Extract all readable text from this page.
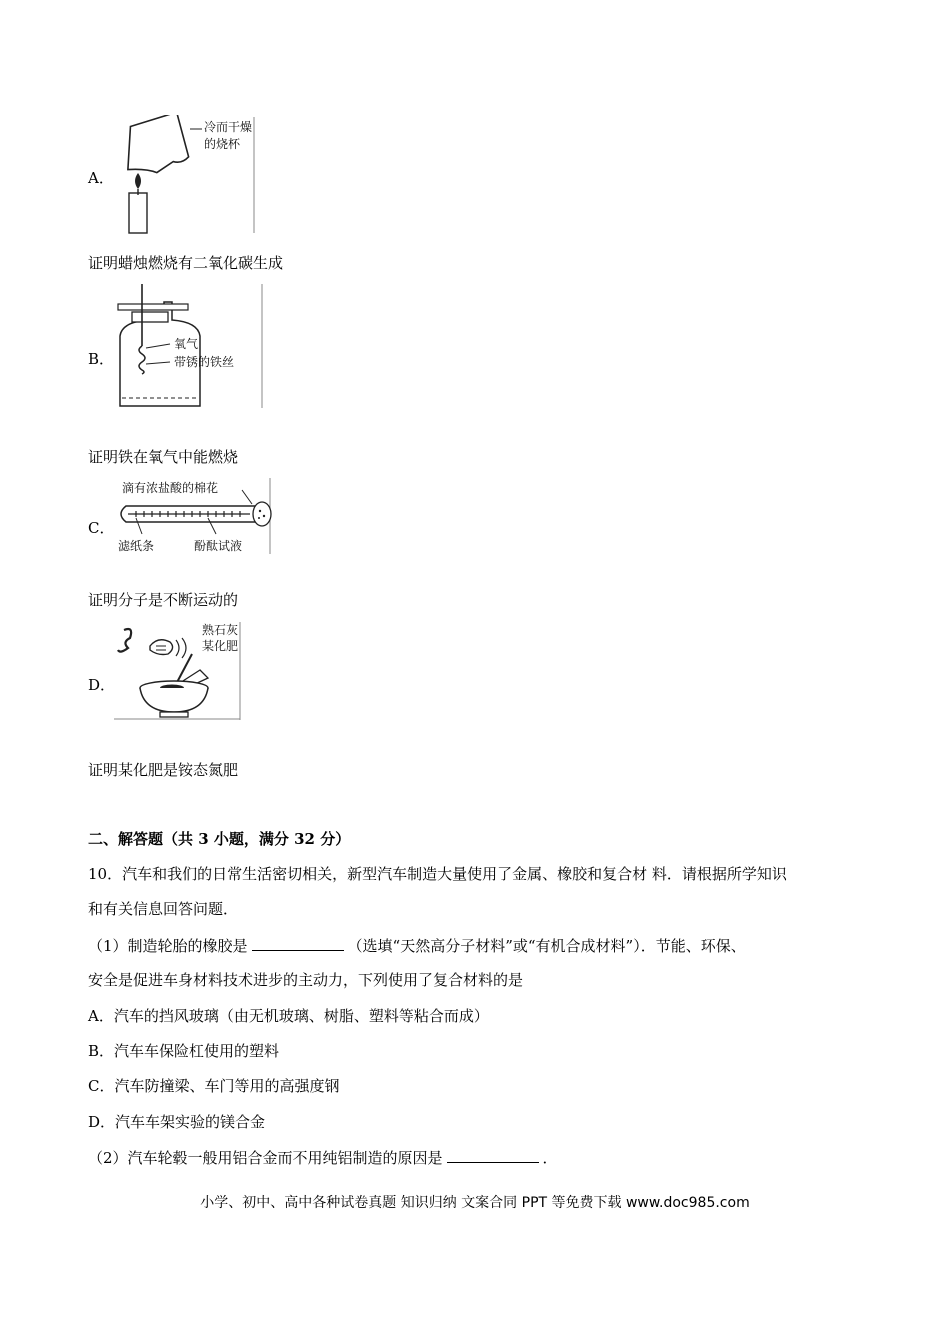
A．
冷而干燥
的烧杯
证明蜡烛燃烧有二氧化碳生成
B．
氧气
带锈的铁丝
证明铁在氧气中能燃烧
C．
滴有浓盐酸的棉花
滤纸条	酚酞试液
证明分子是不断运动的
D．
熟石灰
某化肥
证明某化肥是铵态氮肥
二、解答题（共 3 小题，满分 32 分）
10．汽车和我们的日常生活密切相关，新型汽车制造大量使用了金属、橡胶和复合材 料．请根据所学知识
和有关信息回答问题．
（1）制造轮胎的橡胶是	（选填“天然高分子材料”或“有机合成材料”）．节能、环保、
安全是促进车身材料技术进步的主动力，下列使用了复合材料的是
A．汽车的挡风玻璃（由无机玻璃、树脂、塑料等粘合而成）
B．汽车车保险杠使用的塑料
C．汽车防撞梁、车门等用的高强度钢
D．汽车车架实验的镁合金
（2）汽车轮毂一般用铝合金而不用纯铝制造的原因是	．
小学、初中、高中各种试卷真题 知识归纳 文案合同 PPT 等免费下载 www.doc985.com
